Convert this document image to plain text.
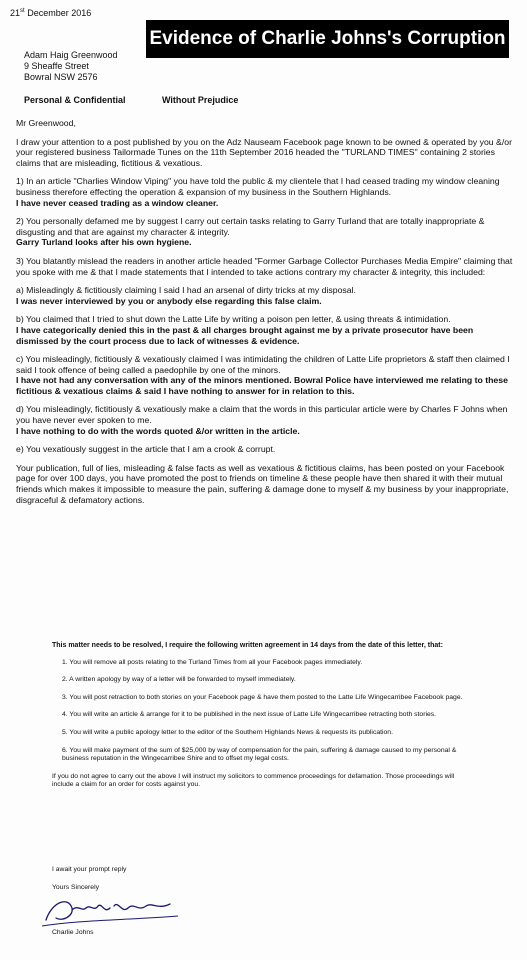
21st December 2016
Evidence of Charlie Johns's Corruption
Adam Haig Greenwood
9 Sheaffe Street
Bowral NSW 2576
Personal & Confidential	Without Prejudice

Mr Greenwood,

I draw your attention to a post published by you on the Adz Nauseam Facebook page known to be owned & operated by you &/or your registered business Tailormade Tunes on the 11th September 2016 headed the "TURLAND TIMES" containing 2 stories claims that are misleading, fictitious & vexatious.

1) In an article "Charlies Window Viping" you have told the public & my clientele that I had ceased trading my window cleaning business therefore effecting the operation & expansion of my business in the Southern Highlands.
I have never ceased trading as a window cleaner.

2) You personally defamed me by suggest I carry out certain tasks relating to Garry Turland that are totally inappropriate & disgusting and that are against my character & integrity.
Garry Turland looks after his own hygiene.

3) You blatantly mislead the readers in another article headed "Former Garbage Collector Purchases Media Empire" claiming that you spoke with me & that I made statements that I intended to take actions contrary my character & integrity, this included:

a) Misleadingly & fictitiously claiming I said I had an arsenal of dirty tricks at my disposal.
I was never interviewed by you or anybody else regarding this false claim.

b) You claimed that I tried to shut down the Latte Life by writing a poison pen letter, & using threats & intimidation.
I have categorically denied this in the past & all charges brought against me by a private prosecutor have been dismissed by the court process due to lack of witnesses & evidence.

c) You misleadingly, fictitiously & vexatiously claimed I was intimidating the children of Latte Life proprietors & staff then claimed I said I took offence of being called a paedophile by one of the minors.
I have not had any conversation with any of the minors mentioned. Bowral Police have interviewed me relating to these fictitious & vexatious claims & said I have nothing to answer for in relation to this.

d) You misleadingly, fictitiously & vexatiously make a claim that the words in this particular article were by Charles F Johns when you have never ever spoken to me.
I have nothing to do with the words quoted &/or written in the article.

e) You vexatiously suggest in the article that I am a crook & corrupt.

Your publication, full of lies, misleading & false facts as well as vexatious & fictitious claims, has been posted on your Facebook page for over 100 days, you have promoted the post to friends on timeline & these people have then shared it with their mutual friends which makes it impossible to measure the pain, suffering & damage done to myself & my business by your inappropriate, disgraceful & defamatory actions.

This matter needs to be resolved, I require the following written agreement in 14 days from the date of this letter, that:

1. You will remove all posts relating to the Turland Times from all your Facebook pages immediately.
2. A written apology by way of a letter will be forwarded to myself immediately.
3. You will post retraction to both stories on your Facebook page & have them posted to the Latte Life Wingecarribee Facebook page.
4. You will write an article & arrange for it to be published in the next issue of Latte Life Wingecarribee retracting both stories.
5. You will write a public apology letter to the editor of the Southern Highlands News & requests its publication.
6. You will make payment of the sum of $25,000 by way of compensation for the pain, suffering & damage caused to my personal & business reputation in the Wingecarribee Shire and to offset my legal costs.

If you do not agree to carry out the above I will instruct my solicitors to commence proceedings for defamation. Those proceedings will include a claim for an order for costs against you.

I await your prompt reply
Yours Sincerely
Charlie Johns
